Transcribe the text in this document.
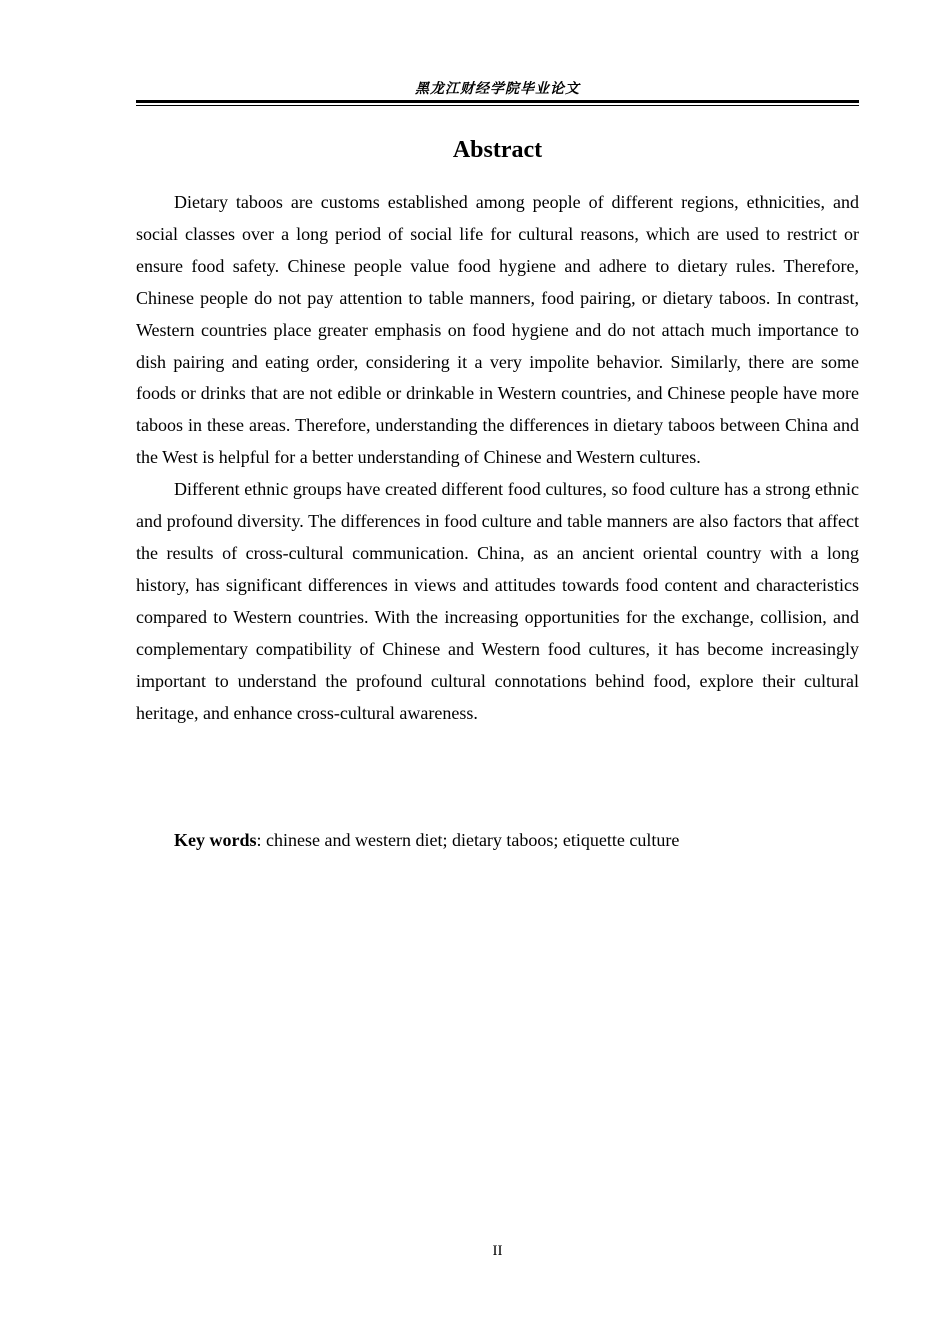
黑龙江财经学院毕业论文
Abstract

Dietary taboos are customs established among people of different regions, ethnicities, and social classes over a long period of social life for cultural reasons, which are used to restrict or ensure food safety. Chinese people value food hygiene and adhere to dietary rules. Therefore, Chinese people do not pay attention to table manners, food pairing, or dietary taboos. In contrast, Western countries place greater emphasis on food hygiene and do not attach much importance to dish pairing and eating order, considering it a very impolite behavior. Similarly, there are some foods or drinks that are not edible or drinkable in Western countries, and Chinese people have more taboos in these areas. Therefore, understanding the differences in dietary taboos between China and the West is helpful for a better understanding of Chinese and Western cultures.

Different ethnic groups have created different food cultures, so food culture has a strong ethnic and profound diversity. The differences in food culture and table manners are also factors that affect the results of cross-cultural communication. China, as an ancient oriental country with a long history, has significant differences in views and attitudes towards food content and characteristics compared to Western countries. With the increasing opportunities for the exchange, collision, and complementary compatibility of Chinese and Western food cultures, it has become increasingly important to understand the profound cultural connotations behind food, explore their cultural heritage, and enhance cross-cultural awareness.

Key words: chinese and western diet; dietary taboos; etiquette culture
II
